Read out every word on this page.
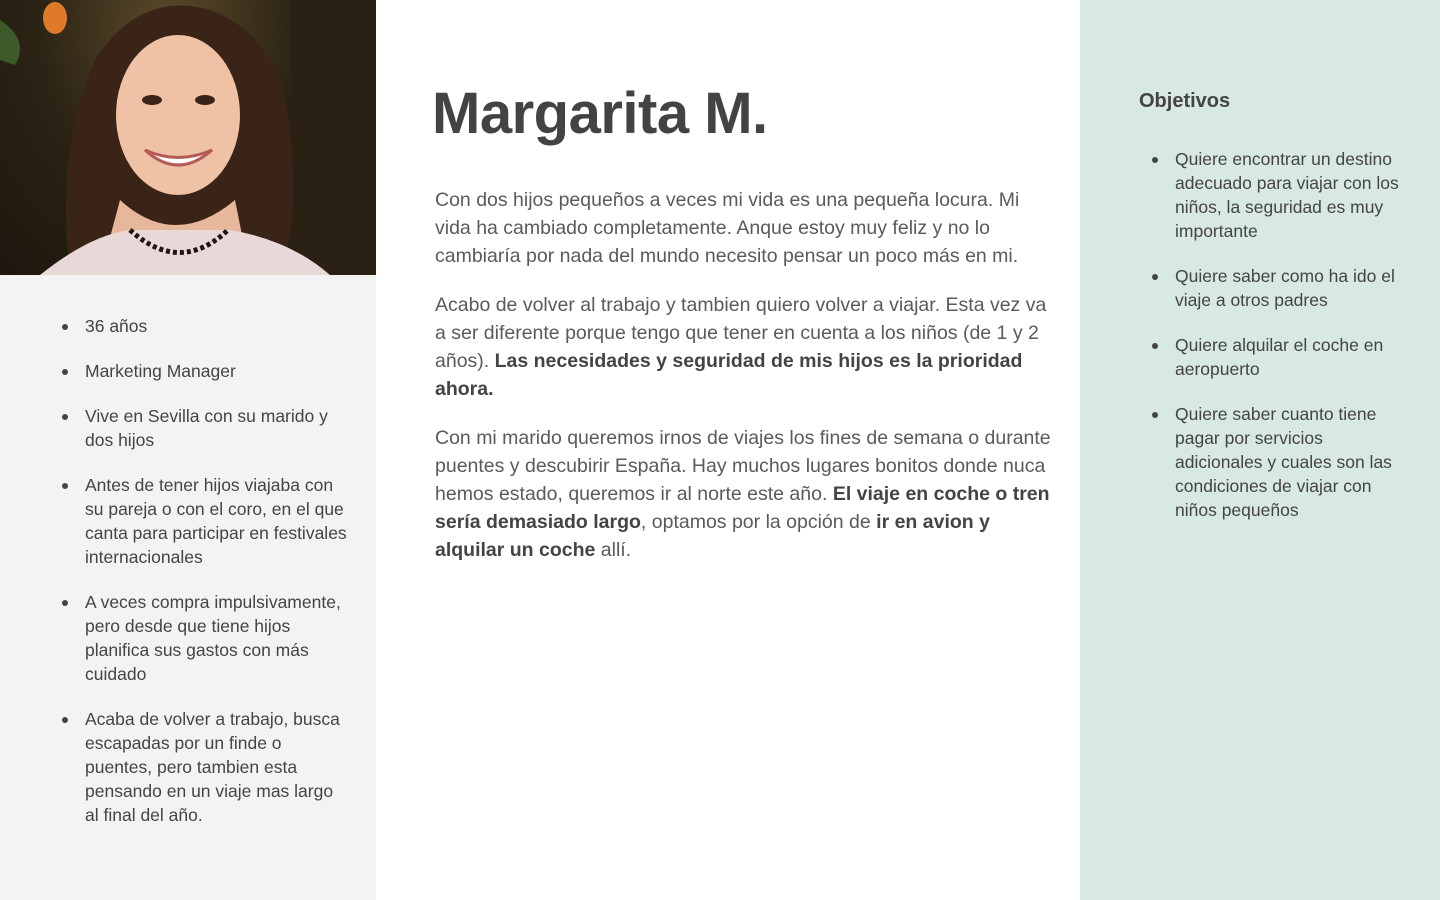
36 años
Marketing Manager
Vive en Sevilla con su marido y dos hijos
Antes de tener hijos viajaba con su pareja o con el coro, en el que canta para participar en festivales internacionales
A veces compra impulsivamente, pero desde que tiene hijos planifica sus gastos con más cuidado
Acaba de volver a trabajo, busca escapadas por un finde o puentes, pero tambien esta pensando en un viaje mas largo al final del año.
Margarita M.

Con dos hijos pequeños a veces mi vida es una pequeña locura. Mi vida ha cambiado completamente. Anque estoy muy feliz y no lo cambiaría por nada del mundo necesito pensar un poco más en mi.

Acabo de volver al trabajo y tambien quiero volver a viajar. Esta vez va a ser diferente porque tengo que tener en cuenta a los niños (de 1 y 2 años). Las necesidades y seguridad de mis hijos es la prioridad ahora.

Con mi marido queremos irnos de viajes los fines de semana o durante puentes y descubirir España. Hay muchos lugares bonitos donde nuca hemos estado, queremos ir al norte este año. El viaje en coche o tren sería demasiado largo, optamos por la opción de ir en avion y alquilar un coche allí.

Objetivos
Quiere encontrar un destino adecuado para viajar con los niños, la seguridad es muy importante
Quiere saber como ha ido el viaje a otros padres
Quiere alquilar el coche en aeropuerto
Quiere saber cuanto tiene pagar por servicios adicionales y cuales son las condiciones de viajar con niños pequeños
